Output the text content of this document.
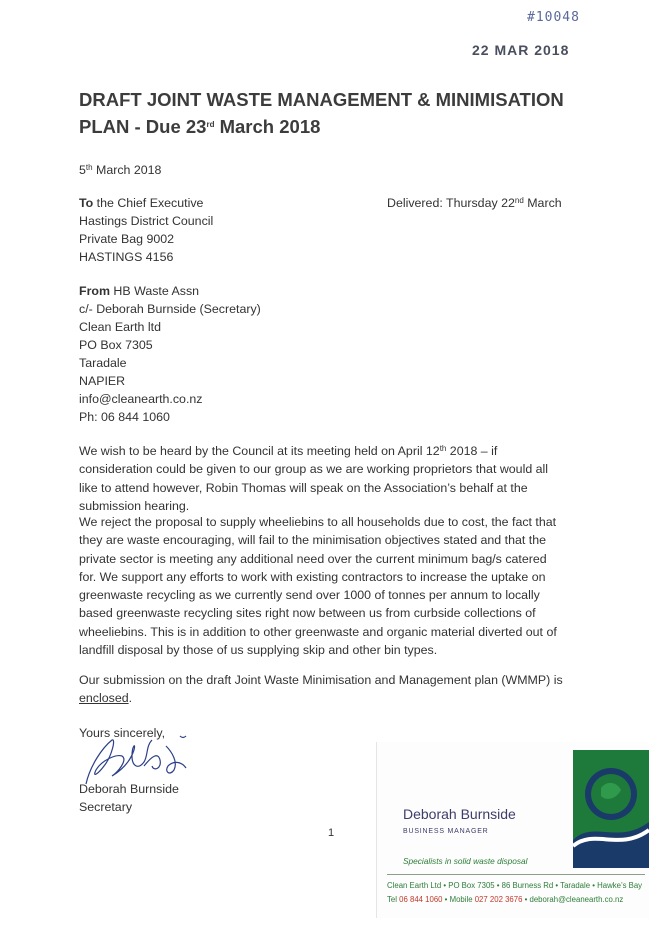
#10048
22 MAR 2018
DRAFT JOINT WASTE MANAGEMENT & MINIMISATION
PLAN - Due 23rd March 2018
5th March 2018
To the Chief Executive
Hastings District Council
Private Bag 9002
HASTINGS 4156
Delivered: Thursday 22nd March
From HB Waste Assn
c/- Deborah Burnside (Secretary)
Clean Earth ltd
PO Box 7305
Taradale
NAPIER
info@cleanearth.co.nz
Ph: 06 844 1060
We wish to be heard by the Council at its meeting held on April 12th 2018 – if consideration could be given to our group as we are working proprietors that would all like to attend however, Robin Thomas will speak on the Association’s behalf at the submission hearing.
We reject the proposal to supply wheeliebins to all households due to cost, the fact that they are waste encouraging, will fail to the minimisation objectives stated and that the private sector is meeting any additional need over the current minimum bag/s catered for. We support any efforts to work with existing contractors to increase the uptake on greenwaste recycling as we currently send over 1000 of tonnes per annum to locally based greenwaste recycling sites right now between us from curbside collections of wheeliebins. This is in addition to other greenwaste and organic material diverted out of landfill disposal by those of us supplying skip and other bin types.
Our submission on the draft Joint Waste Minimisation and Management plan (WMMP) is enclosed.
Yours sincerely,
Deborah Burnside
Secretary
1
Deborah Burnside
BUSINESS MANAGER
Specialists in solid waste disposal
Clean Earth Ltd • PO Box 7305 • 86 Burness Rd • Taradale • Hawke’s Bay
Tel 06 844 1060 • Mobile 027 202 3676 • deborah@cleanearth.co.nz
